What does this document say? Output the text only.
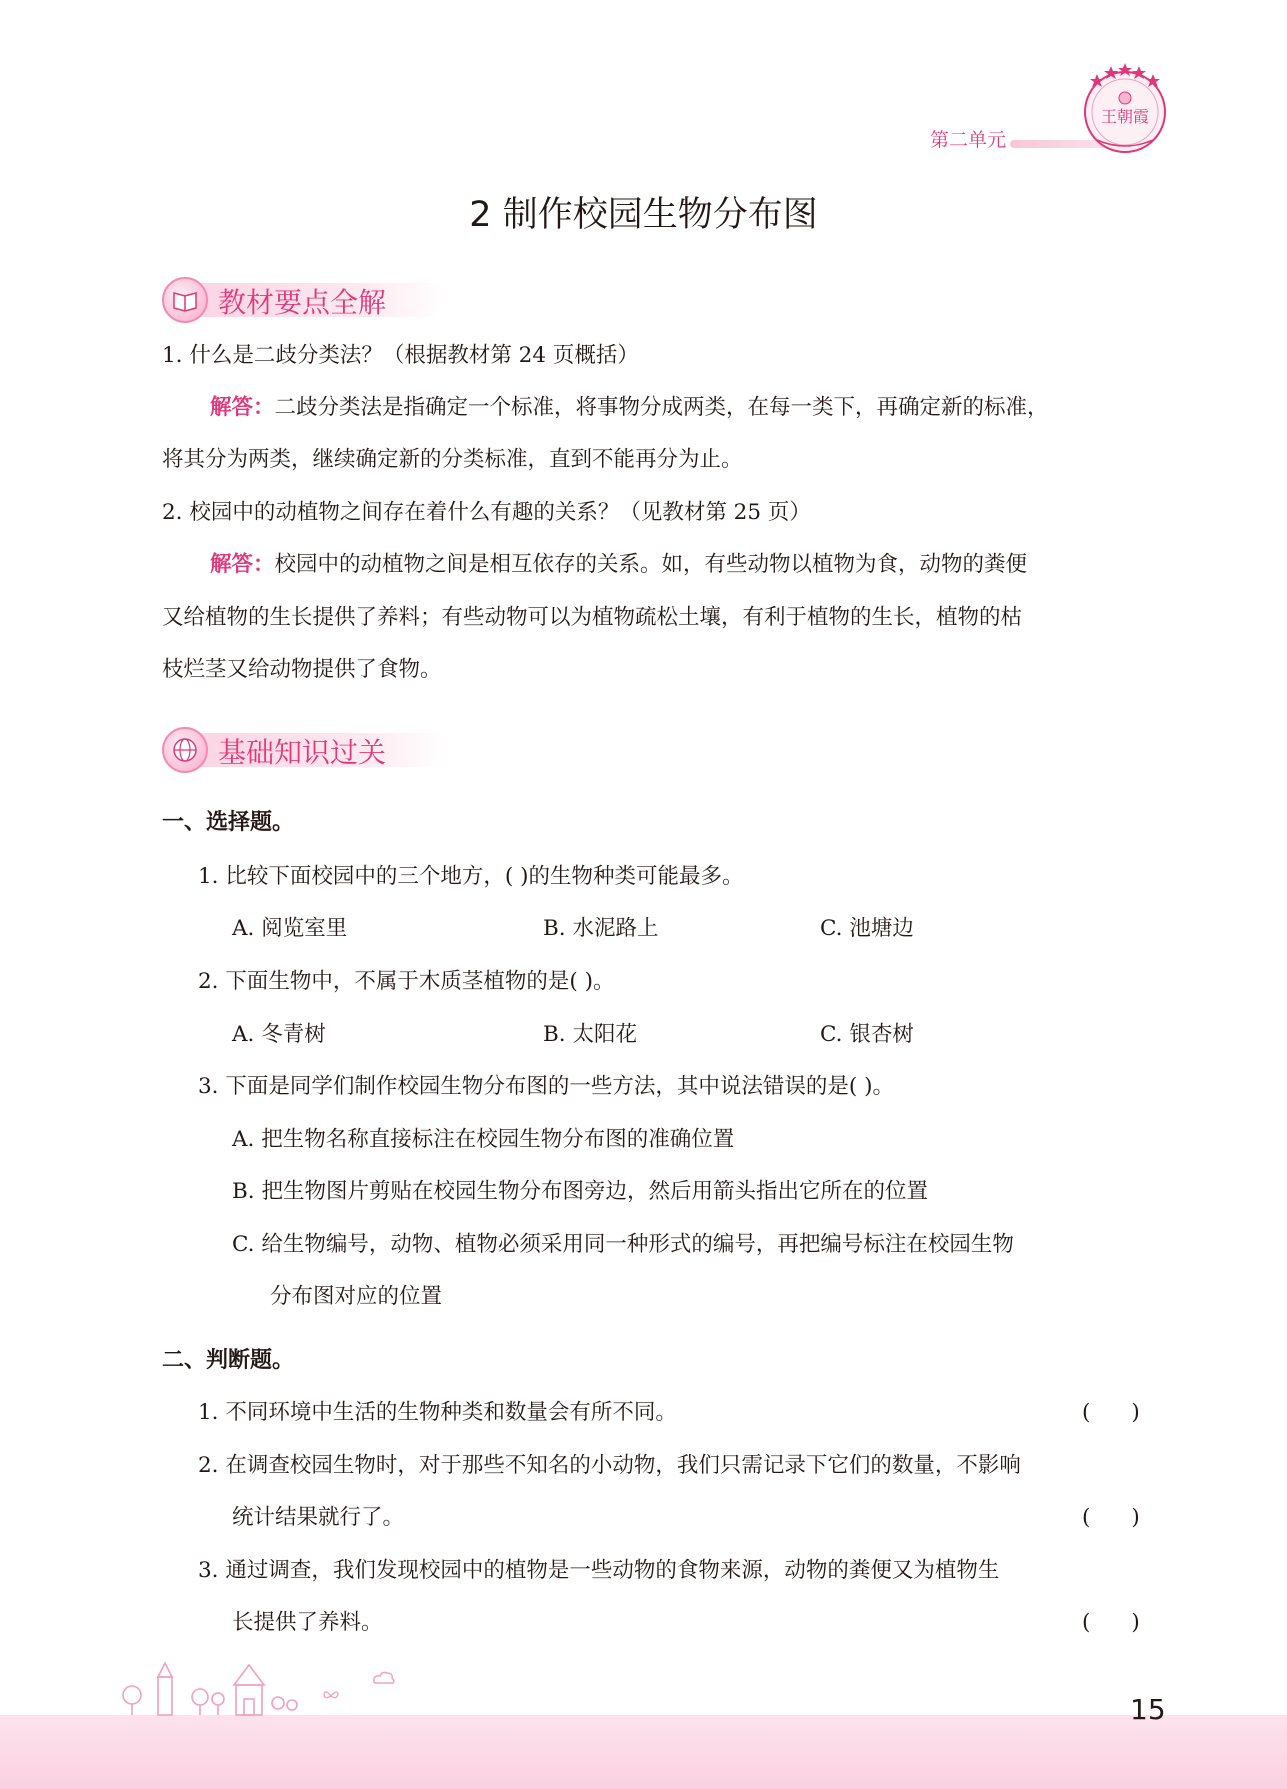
第二单元
王朝霞
2 制作校园生物分布图
教材要点全解
1. 什么是二歧分类法？（根据教材第 24 页概括）
解答：二歧分类法是指确定一个标准，将事物分成两类，在每一类下，再确定新的标准，
将其分为两类，继续确定新的分类标准，直到不能再分为止。
2. 校园中的动植物之间存在着什么有趣的关系？（见教材第 25 页）
解答：校园中的动植物之间是相互依存的关系。如，有些动物以植物为食，动物的粪便
又给植物的生长提供了养料；有些动物可以为植物疏松土壤，有利于植物的生长，植物的枯
枝烂茎又给动物提供了食物。
基础知识过关
一、选择题。
1. 比较下面校园中的三个地方，( )的生物种类可能最多。
A. 阅览室里	B. 水泥路上	C. 池塘边
2. 下面生物中，不属于木质茎植物的是( )。
A. 冬青树	B. 太阳花	C. 银杏树
3. 下面是同学们制作校园生物分布图的一些方法，其中说法错误的是( )。
A. 把生物名称直接标注在校园生物分布图的准确位置
B. 把生物图片剪贴在校园生物分布图旁边，然后用箭头指出它所在的位置
C. 给生物编号，动物、植物必须采用同一种形式的编号，再把编号标注在校园生物
分布图对应的位置
二、判断题。
1. 不同环境中生活的生物种类和数量会有所不同。	(      )
2. 在调查校园生物时，对于那些不知名的小动物，我们只需记录下它们的数量，不影响
统计结果就行了。	(      )
3. 通过调查，我们发现校园中的植物是一些动物的食物来源，动物的粪便又为植物生
长提供了养料。	(      )
15
